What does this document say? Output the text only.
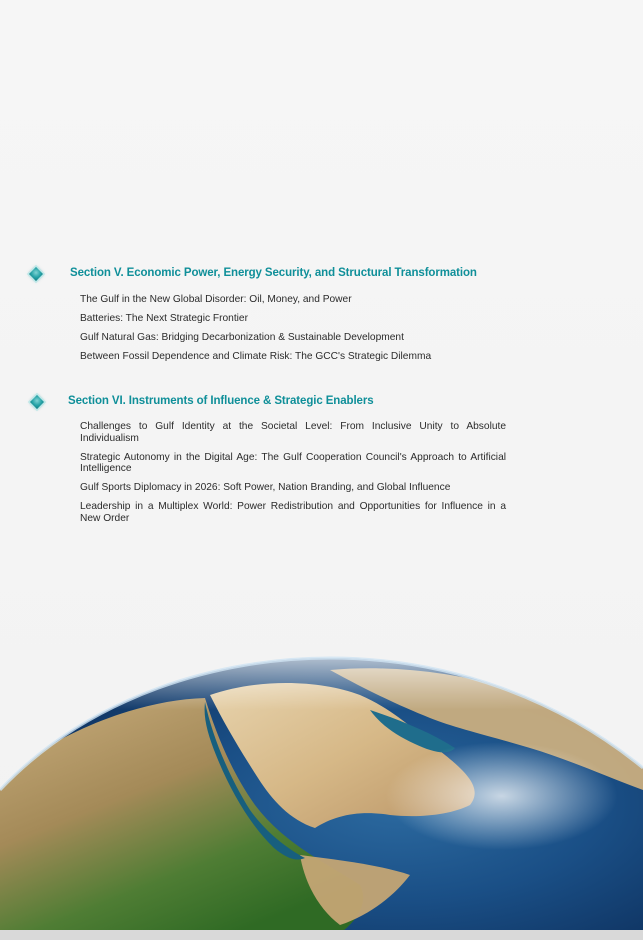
Section V. Economic Power, Energy Security, and Structural Transformation
The Gulf in the New Global Disorder: Oil, Money, and Power
Batteries: The Next Strategic Frontier
Gulf Natural Gas: Bridging Decarbonization & Sustainable Development
Between Fossil Dependence and Climate Risk: The GCC's Strategic Dilemma
Section VI. Instruments of Influence & Strategic Enablers
Challenges to Gulf Identity at the Societal Level: From Inclusive Unity to Absolute Individualism
Strategic Autonomy in the Digital Age: The Gulf Cooperation Council's Approach to Artificial Intelligence
Gulf Sports Diplomacy in 2026: Soft Power, Nation Branding, and Global Influence
Leadership in a Multiplex World: Power Redistribution and Opportunities for Influence in a New Order
